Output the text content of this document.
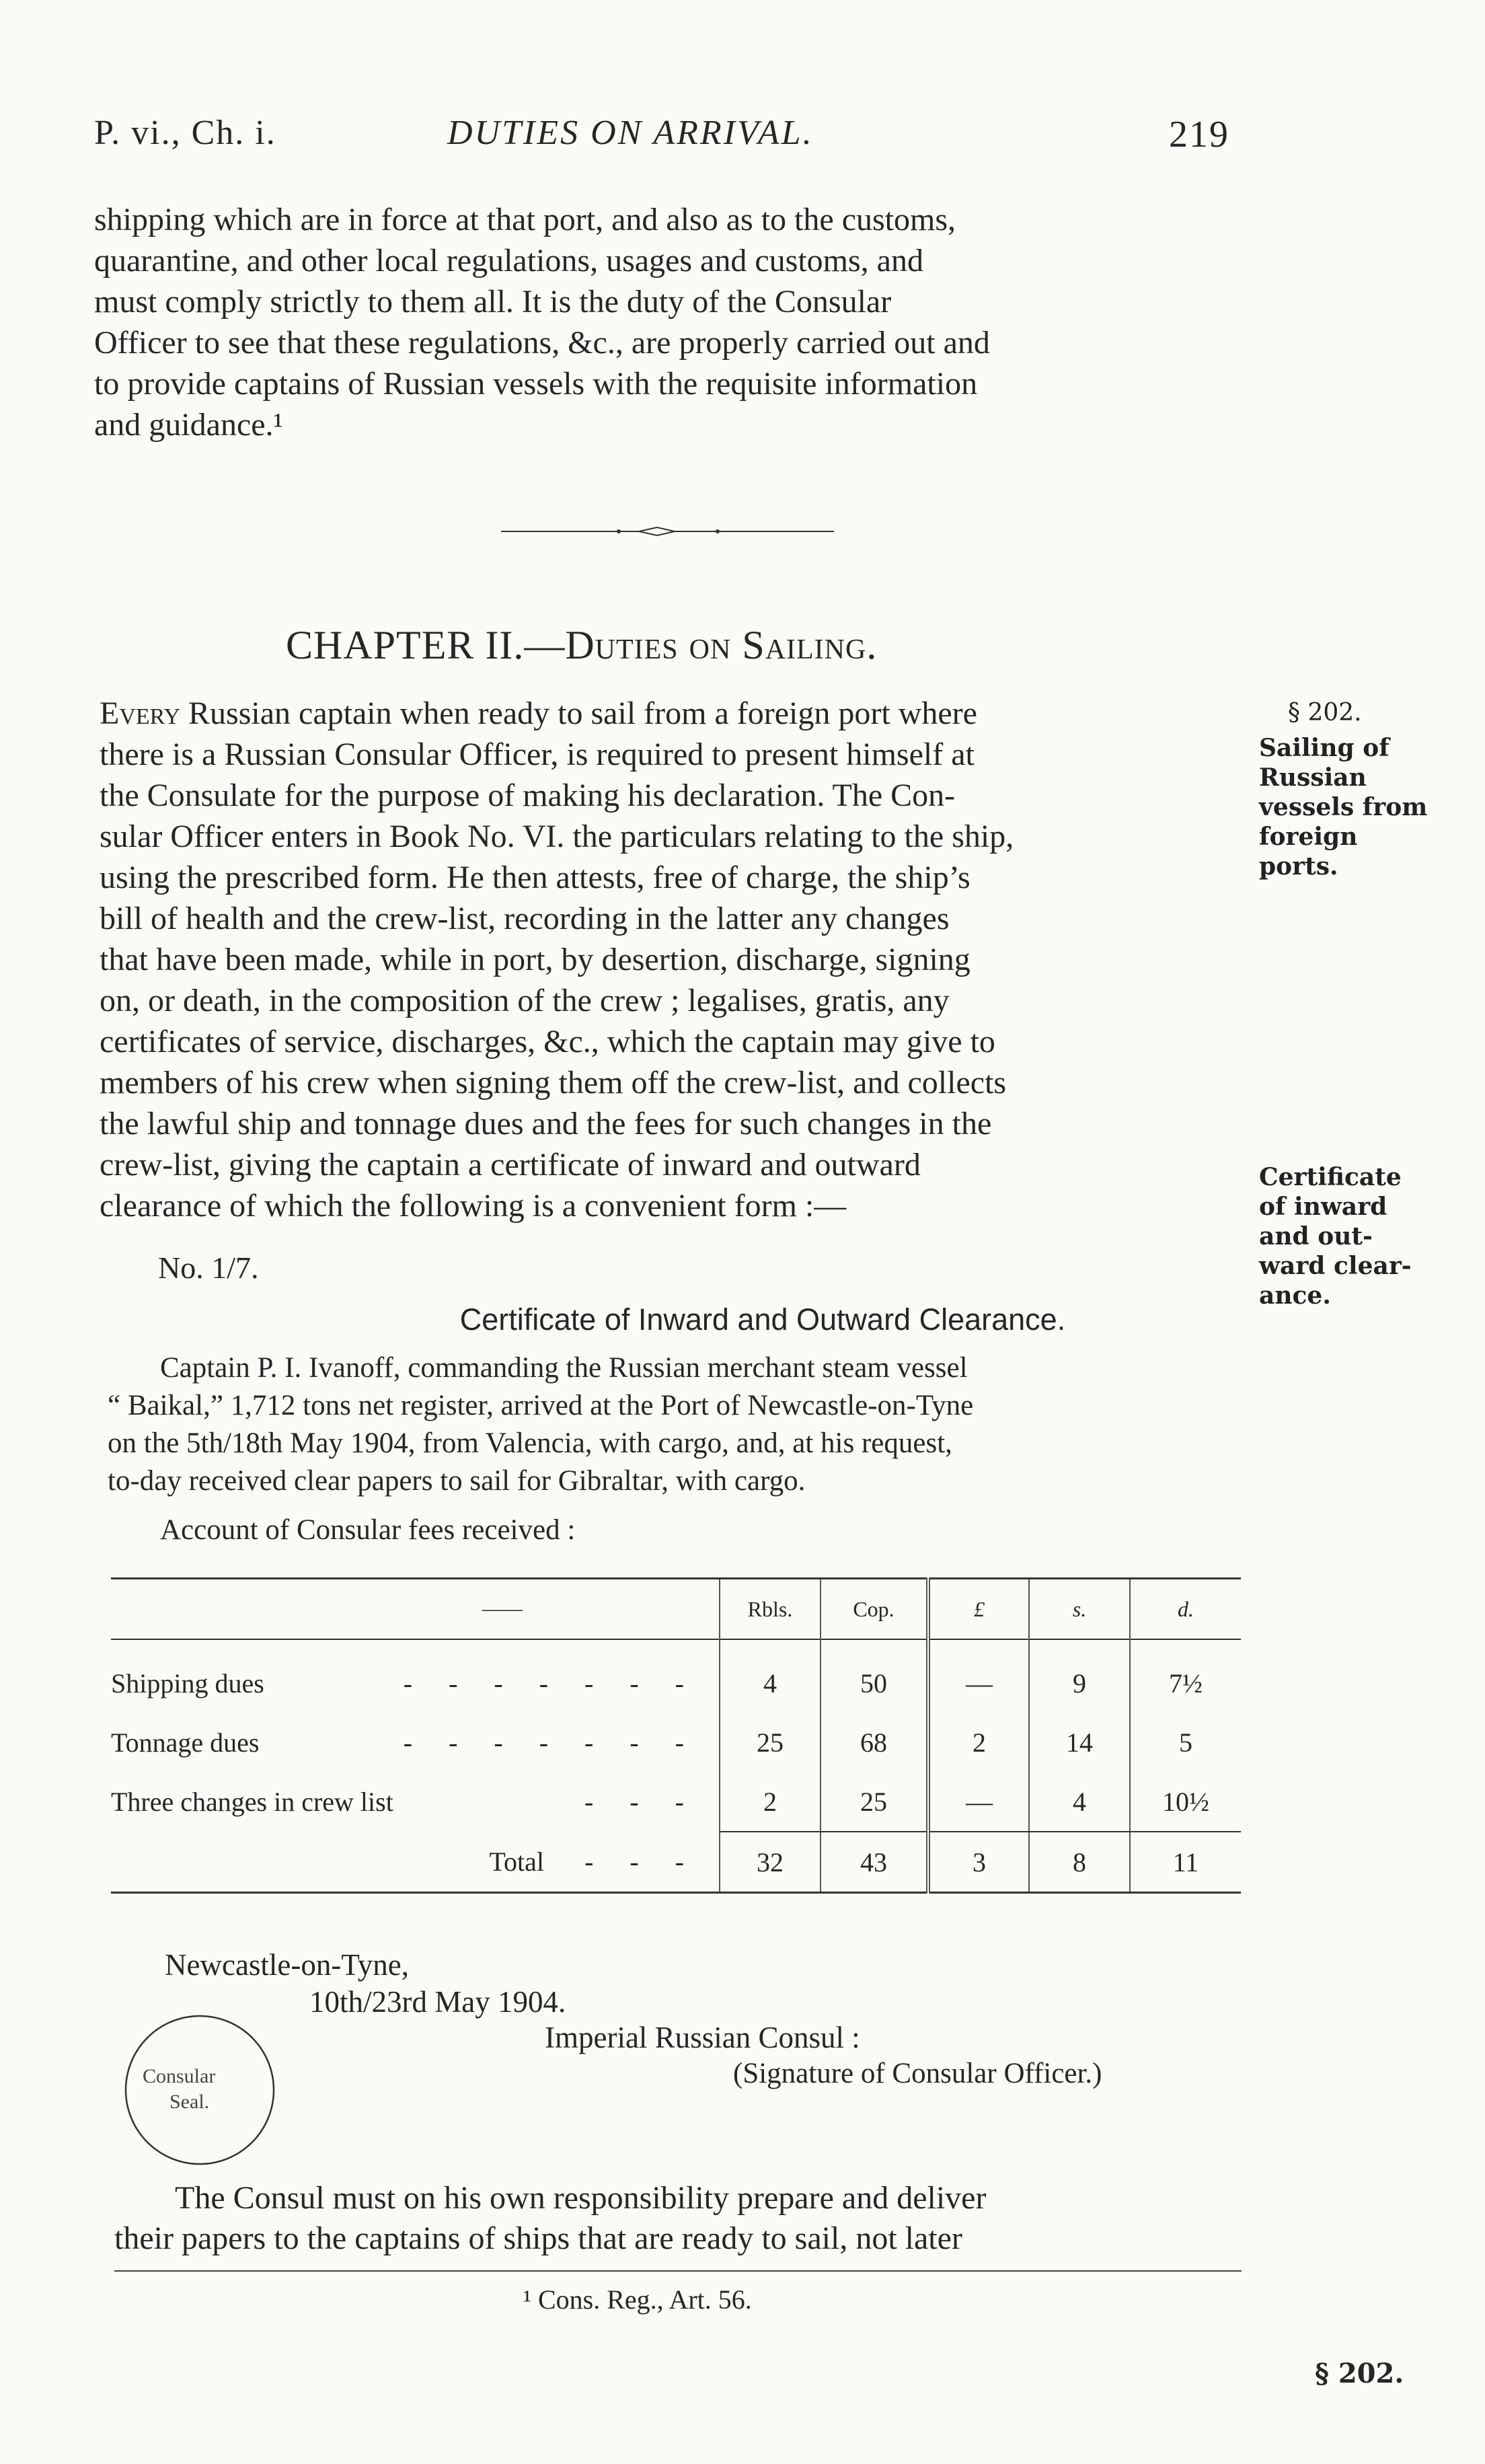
P. vi., Ch. i.	DUTIES ON ARRIVAL.	219

shipping which are in force at that port, and also as to the customs,

quarantine, and other local regulations, usages and customs, and

must comply strictly to them all. It is the duty of the Consular

Officer to see that these regulations, &c., are properly carried out and

to provide captains of Russian vessels with the requisite information

and guidance.¹

CHAPTER II.—Duties on Sailing.

Every Russian captain when ready to sail from a foreign port where

there is a Russian Consular Officer, is required to present himself at

the Consulate for the purpose of making his declaration. The Con-

sular Officer enters in Book No. VI. the particulars relating to the ship,

using the prescribed form. He then attests, free of charge, the ship’s

bill of health and the crew-list, recording in the latter any changes

that have been made, while in port, by desertion, discharge, signing

on, or death, in the composition of the crew ; legalises, gratis, any

certificates of service, discharges, &c., which the captain may give to

members of his crew when signing them off the crew-list, and collects

the lawful ship and tonnage dues and the fees for such changes in the

crew-list, giving the captain a certificate of inward and outward

clearance of which the following is a convenient form :—

§ 202.
Sailing of
Russian
vessels from
foreign
ports.
Certificate
of inward
and out-
ward clear-
ance.
No. 1/7.
Certificate of Inward and Outward Clearance.

Captain P. I. Ivanoff, commanding the Russian merchant steam vessel

“ Baikal,” 1,712 tons net register, arrived at the Port of Newcastle-on-Tyne

on the 5th/18th May 1904, from Valencia, with cargo, and, at his request,

to-day received clear papers to sail for Gibraltar, with cargo.

Account of Consular fees received :
——	Rbls.	Cop.	£	s.	d.

Shipping dues - - - - - - -	4	50	—	9	7½
Tonnage dues - - - - - - -	25	68	2	14	5
Three changes in crew list - - -	2	25	—	4	10½
Total - - -	32	43	3	8	11
Newcastle-on-Tyne,
10th/23rd May 1904.
Imperial Russian Consul :
(Signature of Consular Officer.)
Consular
Seal.

The Consul must on his own responsibility prepare and deliver

their papers to the captains of ships that are ready to sail, not later

¹ Cons. Reg., Art. 56.
§ 202.
